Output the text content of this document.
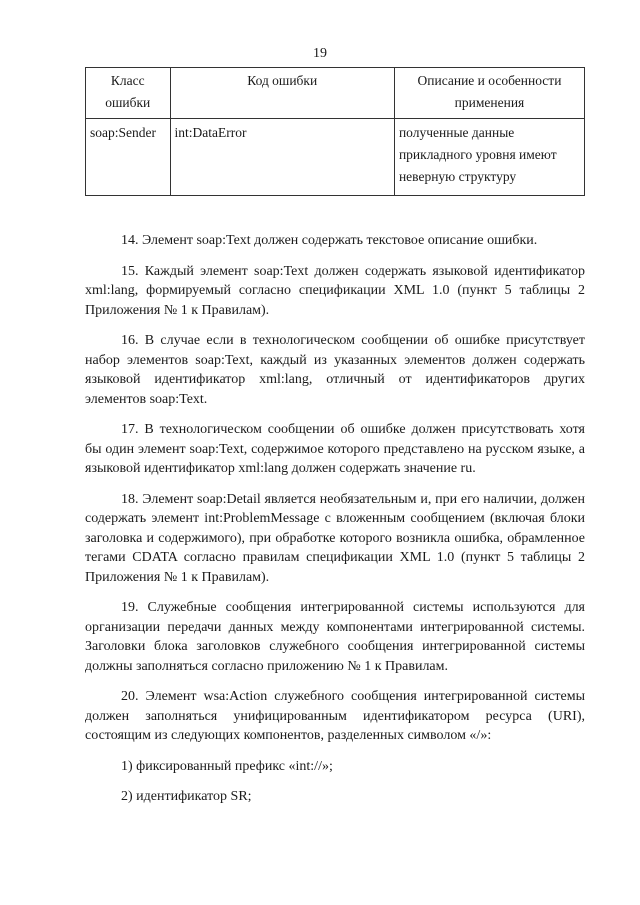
19
Класс ошибки	Код ошибки	Описание и особенности применения
soap:Sender	int:DataError	полученные данные прикладного уровня имеют неверную структуру

14. Элемент soap:Text должен содержать текстовое описание ошибки.

15. Каждый элемент soap:Text должен содержать языковой идентификатор xml:lang, формируемый согласно спецификации XML 1.0 (пункт 5 таблицы 2 Приложения № 1 к Правилам).

16. В случае если в технологическом сообщении об ошибке присутствует набор элементов soap:Text, каждый из указанных элементов должен содержать языковой идентификатор xml:lang, отличный от идентификаторов других элементов soap:Text.

17. В технологическом сообщении об ошибке должен присутствовать хотя бы один элемент soap:Text, содержимое которого представлено на русском языке, а языковой идентификатор xml:lang должен содержать значение ru.

18. Элемент soap:Detail является необязательным и, при его наличии, должен содержать элемент int:ProblemMessage с вложенным сообщением (включая блоки заголовка и содержимого), при обработке которого возникла ошибка, обрамленное тегами CDATA согласно правилам спецификации XML 1.0 (пункт 5 таблицы 2 Приложения № 1 к Правилам).

19. Служебные сообщения интегрированной системы используются для организации передачи данных между компонентами интегрированной системы. Заголовки блока заголовков служебного сообщения интегрированной системы должны заполняться согласно приложению № 1 к Правилам.

20. Элемент wsa:Action служебного сообщения интегрированной системы должен заполняться унифицированным идентификатором ресурса (URI), состоящим из следующих компонентов, разделенных символом «/»:

1) фиксированный префикс «int://»;

2) идентификатор SR;
